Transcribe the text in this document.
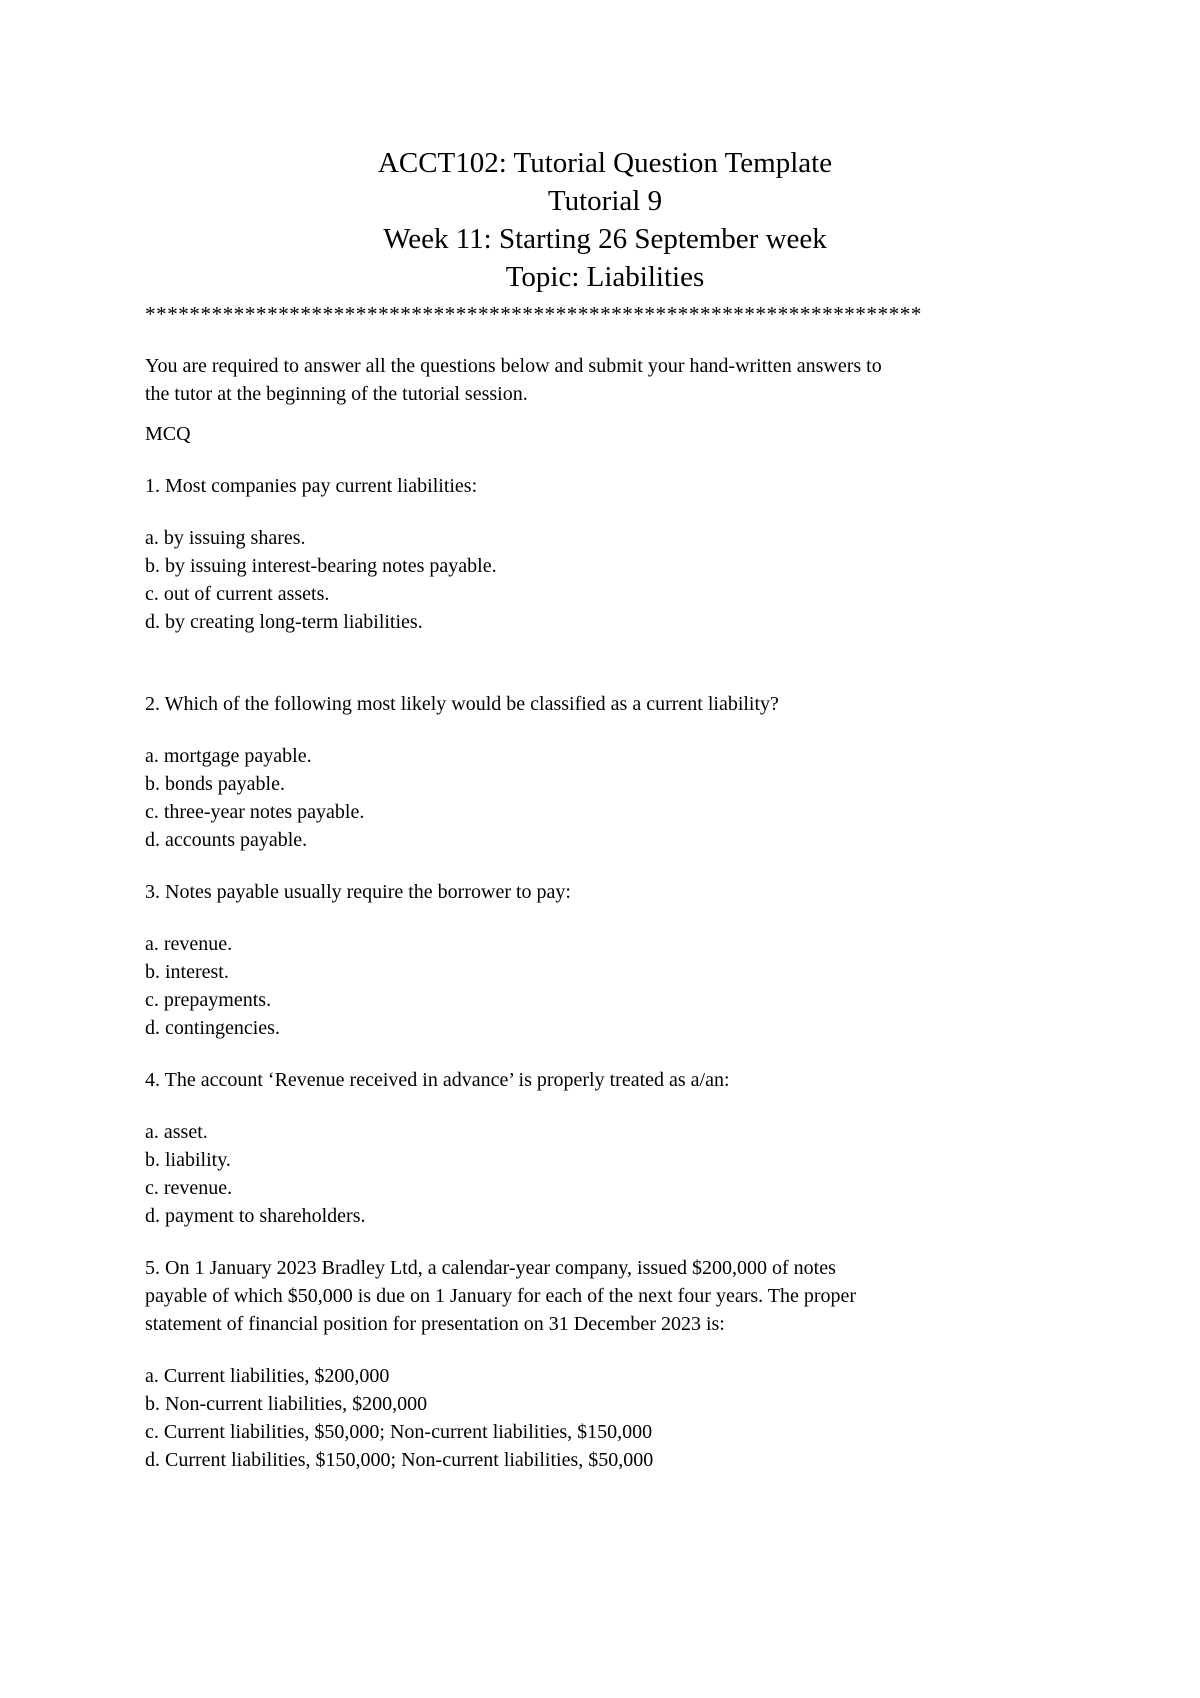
ACCT102: Tutorial Question Template
Tutorial 9
Week 11: Starting 26 September week
Topic: Liabilities
**********************************************************************

You are required to answer all the questions below and submit your hand-written answers to

the tutor at the beginning of the tutorial session.

MCQ

1. Most companies pay current liabilities:

a. by issuing shares.

b. by issuing interest-bearing notes payable.

c. out of current assets.

d. by creating long-term liabilities.

2. Which of the following most likely would be classified as a current liability?

a. mortgage payable.

b. bonds payable.

c. three-year notes payable.

d. accounts payable.

3. Notes payable usually require the borrower to pay:

a. revenue.

b. interest.

c. prepayments.

d. contingencies.

4. The account ‘Revenue received in advance’ is properly treated as a/an:

a. asset.

b. liability.

c. revenue.

d. payment to shareholders.

5. On 1 January 2023 Bradley Ltd, a calendar-year company, issued $200,000 of notes

payable of which $50,000 is due on 1 January for each of the next four years. The proper

statement of financial position for presentation on 31 December 2023 is:

a. Current liabilities, $200,000

b. Non-current liabilities, $200,000

c. Current liabilities, $50,000; Non-current liabilities, $150,000

d. Current liabilities, $150,000; Non-current liabilities, $50,000
